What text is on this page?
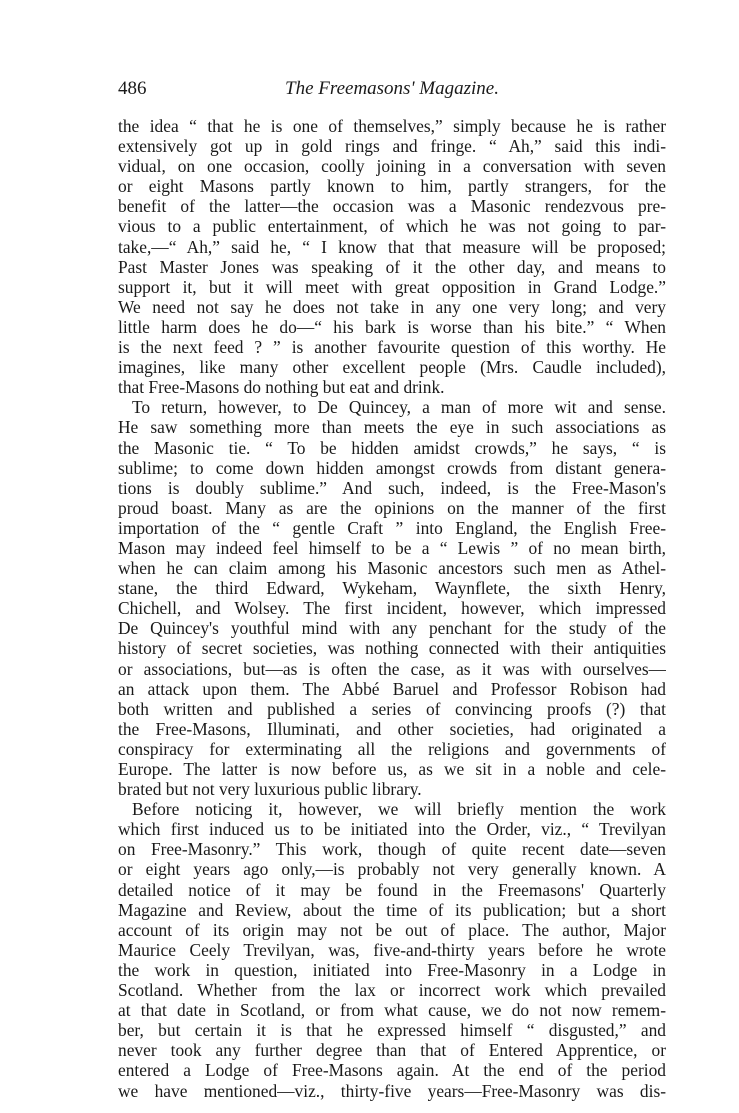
486	The Freemasons' Magazine.
the idea “ that he is one of themselves,” simply because he is rather
extensively got up in gold rings and fringe. “ Ah,” said this indi-
vidual, on one occasion, coolly joining in a conversation with seven
or eight Masons partly known to him, partly strangers, for the
benefit of the latter—the occasion was a Masonic rendezvous pre-
vious to a public entertainment, of which he was not going to par-
take,—“ Ah,” said he, “ I know that that measure will be proposed;
Past Master Jones was speaking of it the other day, and means to
support it, but it will meet with great opposition in Grand Lodge.”
We need not say he does not take in any one very long; and very
little harm does he do—“ his bark is worse than his bite.” “ When
is the next feed ? ” is another favourite question of this worthy. He
imagines, like many other excellent people (Mrs. Caudle included),
that Free-Masons do nothing but eat and drink.
To return, however, to De Quincey, a man of more wit and sense.
He saw something more than meets the eye in such associations as
the Masonic tie. “ To be hidden amidst crowds,” he says, “ is
sublime; to come down hidden amongst crowds from distant genera-
tions is doubly sublime.” And such, indeed, is the Free-Mason's
proud boast. Many as are the opinions on the manner of the first
importation of the “ gentle Craft ” into England, the English Free-
Mason may indeed feel himself to be a “ Lewis ” of no mean birth,
when he can claim among his Masonic ancestors such men as Athel-
stane, the third Edward, Wykeham, Waynflete, the sixth Henry,
Chichell, and Wolsey. The first incident, however, which impressed
De Quincey's youthful mind with any penchant for the study of the
history of secret societies, was nothing connected with their antiquities
or associations, but—as is often the case, as it was with ourselves—
an attack upon them. The Abbé Baruel and Professor Robison had
both written and published a series of convincing proofs (?) that
the Free-Masons, Illuminati, and other societies, had originated a
conspiracy for exterminating all the religions and governments of
Europe. The latter is now before us, as we sit in a noble and cele-
brated but not very luxurious public library.
Before noticing it, however, we will briefly mention the work
which first induced us to be initiated into the Order, viz., “ Trevilyan
on Free-Masonry.” This work, though of quite recent date—seven
or eight years ago only,—is probably not very generally known. A
detailed notice of it may be found in the Freemasons' Quarterly
Magazine and Review, about the time of its publication; but a short
account of its origin may not be out of place. The author, Major
Maurice Ceely Trevilyan, was, five-and-thirty years before he wrote
the work in question, initiated into Free-Masonry in a Lodge in
Scotland. Whether from the lax or incorrect work which prevailed
at that date in Scotland, or from what cause, we do not now remem-
ber, but certain it is that he expressed himself “ disgusted,” and
never took any further degree than that of Entered Apprentice, or
entered a Lodge of Free-Masons again. At the end of the period
we have mentioned—viz., thirty-five years—Free-Masonry was dis-
